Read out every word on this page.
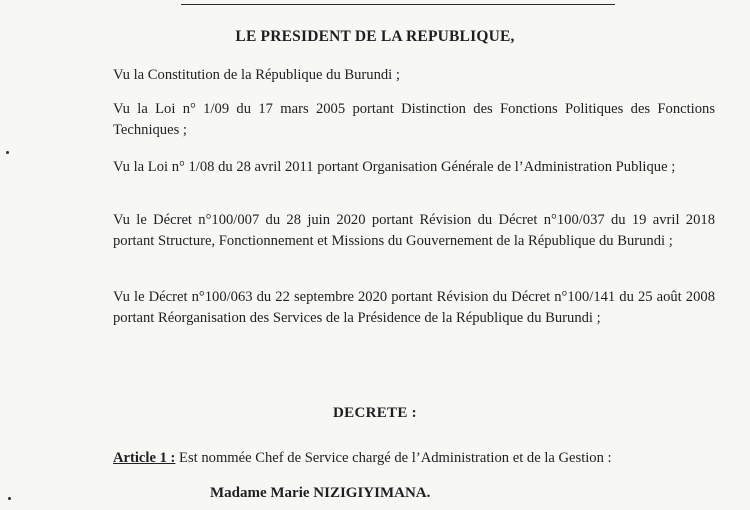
LE PRESIDENT DE LA REPUBLIQUE,

Vu la Constitution de la République du Burundi ;

Vu la Loi n° 1/09 du 17 mars 2005 portant Distinction des Fonctions Politiques des Fonctions Techniques ;

Vu la Loi n° 1/08 du 28 avril 2011 portant Organisation Générale de l’Administration Publique ;

Vu le Décret n°100/007 du 28 juin 2020 portant Révision du Décret n°100/037 du 19 avril 2018 portant Structure, Fonctionnement et Missions du Gouvernement de la République du Burundi ;

Vu le Décret n°100/063 du 22 septembre 2020 portant Révision du Décret n°100/141 du 25 août 2008 portant Réorganisation des Services de la Présidence de la République du Burundi ;

DECRETE :
Article 1 : Est nommée Chef de Service chargé de l’Administration et de la Gestion :
Madame Marie NIZIGIYIMANA.
